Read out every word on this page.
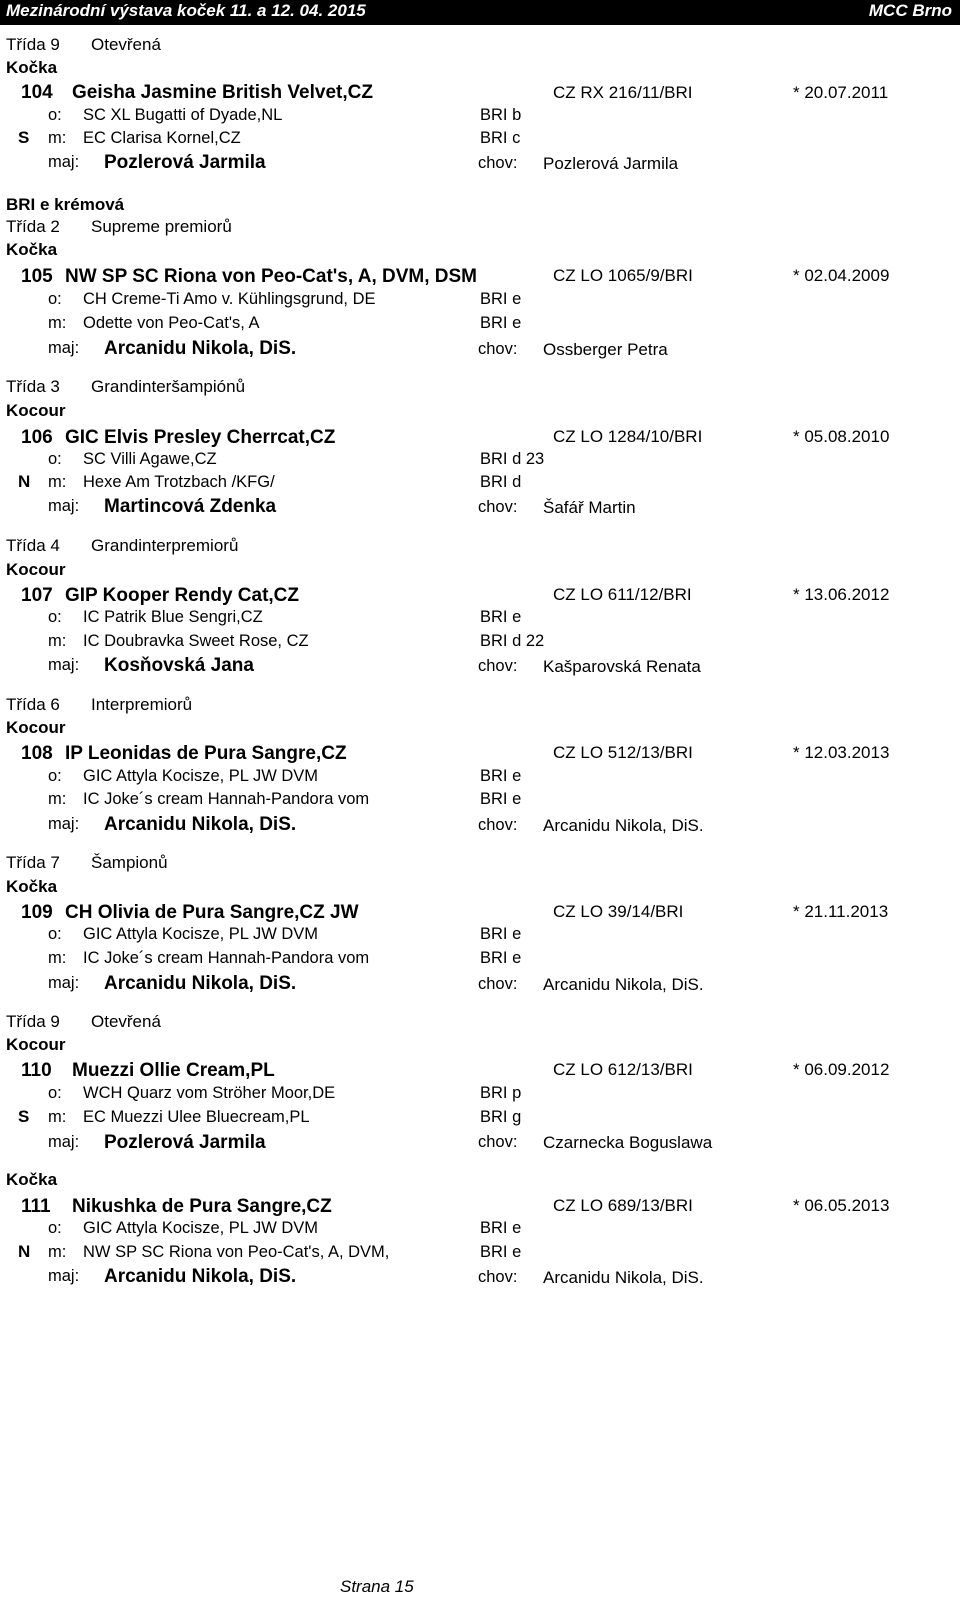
Mezinárodní výstava koček 11. a 12. 04. 2015	MCC Brno
Třída 9 Otevřená
Kočka
104 Geisha Jasmine British Velvet,CZ	CZ RX 216/11/BRI	* 20.07.2011
S
o: SC XL Bugatti of Dyade,NL	BRI b
m: EC Clarisa Kornel,CZ	BRI c
maj: Pozlerová Jarmila	chov: Pozlerová Jarmila
BRI e krémová
Třída 2 Supreme premiorů
Kočka
105 NW SP SC Riona von Peo-Cat's, A, DVM, DSM	CZ LO 1065/9/BRI	* 02.04.2009
o: CH Creme-Ti Amo v. Kühlingsgrund, DE	BRI e
m: Odette von Peo-Cat's, A	BRI e
maj: Arcanidu Nikola, DiS.	chov: Ossberger Petra
Třída 3 Grandinteršampiónů
Kocour
106 GIC Elvis Presley Cherrcat,CZ	CZ LO 1284/10/BRI	* 05.08.2010
N
o: SC Villi Agawe,CZ	BRI d 23
m: Hexe Am Trotzbach /KFG/	BRI d
maj: Martincová Zdenka	chov: Šafář Martin
Třída 4 Grandinterpremiorů
Kocour
107 GIP Kooper Rendy Cat,CZ	CZ LO 611/12/BRI	* 13.06.2012
o: IC Patrik Blue Sengri,CZ	BRI e
m: IC Doubravka Sweet Rose, CZ	BRI d 22
maj: Kosňovská Jana	chov: Kašparovská Renata
Třída 6 Interpremiorů
Kocour
108 IP Leonidas de Pura Sangre,CZ	CZ LO 512/13/BRI	* 12.03.2013
o: GIC Attyla Kocisze, PL JW DVM	BRI e
m: IC Joke´s cream Hannah-Pandora vom	BRI e
maj: Arcanidu Nikola, DiS.	chov: Arcanidu Nikola, DiS.
Třída 7 Šampionů
Kočka
109 CH Olivia de Pura Sangre,CZ JW	CZ LO 39/14/BRI	* 21.11.2013
o: GIC Attyla Kocisze, PL JW DVM	BRI e
m: IC Joke´s cream Hannah-Pandora vom	BRI e
maj: Arcanidu Nikola, DiS.	chov: Arcanidu Nikola, DiS.
Třída 9 Otevřená
Kocour
110 Muezzi Ollie Cream,PL	CZ LO 612/13/BRI	* 06.09.2012
S
o: WCH Quarz vom Ströher Moor,DE	BRI p
m: EC Muezzi Ulee Bluecream,PL	BRI g
maj: Pozlerová Jarmila	chov: Czarnecka Boguslawa
Kočka
111 Nikushka de Pura Sangre,CZ	CZ LO 689/13/BRI	* 06.05.2013
N
o: GIC Attyla Kocisze, PL JW DVM	BRI e
m: NW SP SC Riona von Peo-Cat's, A, DVM,	BRI e
maj: Arcanidu Nikola, DiS.	chov: Arcanidu Nikola, DiS.
Strana 15
